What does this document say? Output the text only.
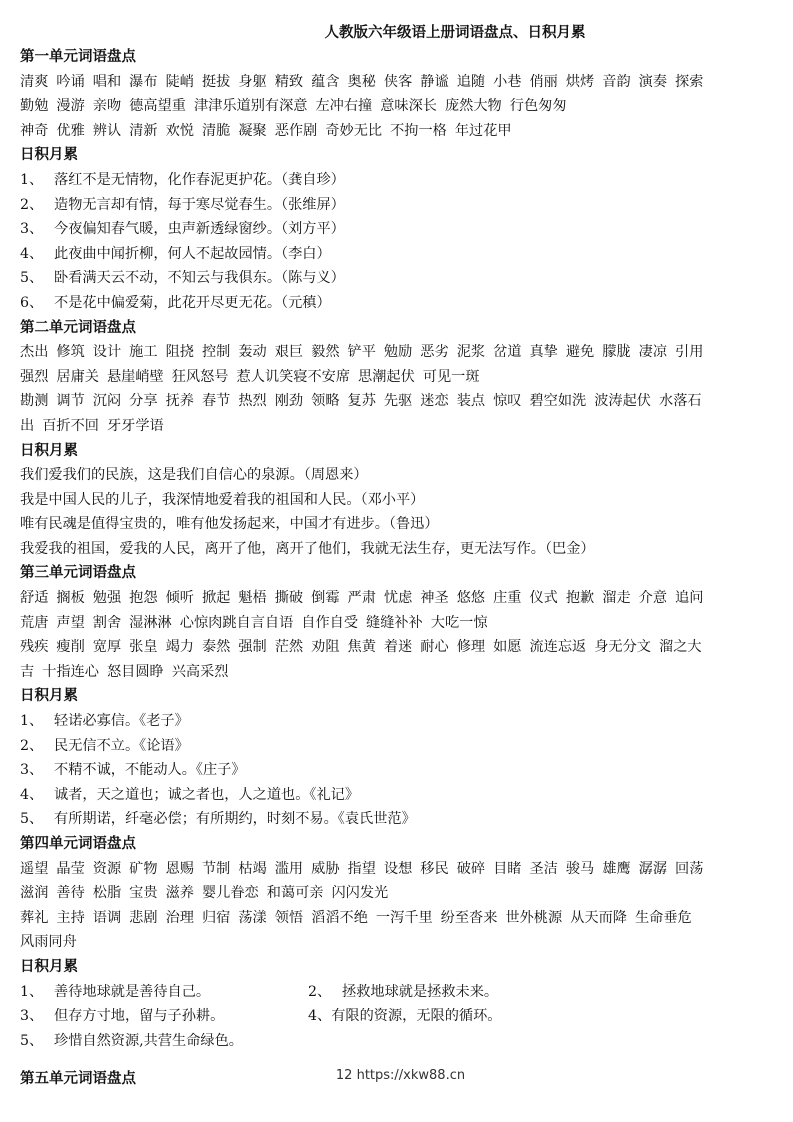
人教版六年级语上册词语盘点、日积月累
第一单元词语盘点
清爽 吟诵 唱和 瀑布 陡峭 挺拔 身躯 精致 蕴含 奥秘 侠客 静谧 追随 小巷 俏丽 烘烤 音韵 演奏 探索
勤勉 漫游 亲吻 德高望重 津津乐道别有深意 左冲右撞 意味深长 庞然大物 行色匆匆
神奇 优雅 辨认 清新 欢悦 清脆 凝聚 恶作剧 奇妙无比 不拘一格 年过花甲
日积月累
1、 落红不是无情物，化作春泥更护花。（龚自珍）
2、 造物无言却有情，每于寒尽觉春生。（张维屏）
3、 今夜偏知春气暖，虫声新透绿窗纱。（刘方平）
4、 此夜曲中闻折柳，何人不起故园情。（李白）
5、 卧看满天云不动，不知云与我俱东。（陈与义）
6、 不是花中偏爱菊，此花开尽更无花。（元稹）
第二单元词语盘点
杰出 修筑 设计 施工 阻挠 控制 轰动 艰巨 毅然 铲平 勉励 恶劣 泥浆 岔道 真挚 避免 朦胧 凄凉 引用
强烈 居庸关 悬崖峭壁 狂风怒号 惹人讥笑寝不安席 思潮起伏 可见一斑
勘测 调节 沉闷 分享 抚养 春节 热烈 刚劲 领略 复苏 先驱 迷恋 装点 惊叹 碧空如洗 波涛起伏 水落石
出 百折不回 牙牙学语
日积月累
我们爱我们的民族，这是我们自信心的泉源。（周恩来）
我是中国人民的儿子，我深情地爱着我的祖国和人民。（邓小平）
唯有民魂是值得宝贵的，唯有他发扬起来，中国才有进步。（鲁迅）
我爱我的祖国，爱我的人民，离开了他，离开了他们，我就无法生存，更无法写作。（巴金）
第三单元词语盘点
舒适 搁板 勉强 抱怨 倾听 掀起 魁梧 撕破 倒霉 严肃 忧虑 神圣 悠悠 庄重 仪式 抱歉 溜走 介意 追问
荒唐 声望 割舍 湿淋淋 心惊肉跳自言自语 自作自受 缝缝补补 大吃一惊
残疾 瘦削 宽厚 张皇 竭力 泰然 强制 茫然 劝阻 焦黄 着迷 耐心 修理 如愿 流连忘返 身无分文 溜之大
吉 十指连心 怒目圆睁 兴高采烈
日积月累
1、 轻诺必寡信。《老子》
2、 民无信不立。《论语》
3、 不精不诚，不能动人。《庄子》
4、 诚者，天之道也；诚之者也，人之道也。《礼记》
5、 有所期诺，纤毫必偿；有所期约，时刻不易。《袁氏世范》
第四单元词语盘点
遥望 晶莹 资源 矿物 恩赐 节制 枯竭 滥用 威胁 指望 设想 移民 破碎 目睹 圣洁 骏马 雄鹰 潺潺 回荡
滋润 善待 松脂 宝贵 滋养 婴儿眷恋 和蔼可亲 闪闪发光
葬礼 主持 语调 悲剧 治理 归宿 荡漾 领悟 滔滔不绝 一泻千里 纷至沓来 世外桃源 从天而降 生命垂危
风雨同舟
日积月累
1、 善待地球就是善待自己。	2、 拯救地球就是拯救未来。
3、 但存方寸地，留与子孙耕。	4、有限的资源，无限的循环。
5、 珍惜自然资源,共营生命绿色。
第五单元词语盘点	12 https://xkw88.cn
